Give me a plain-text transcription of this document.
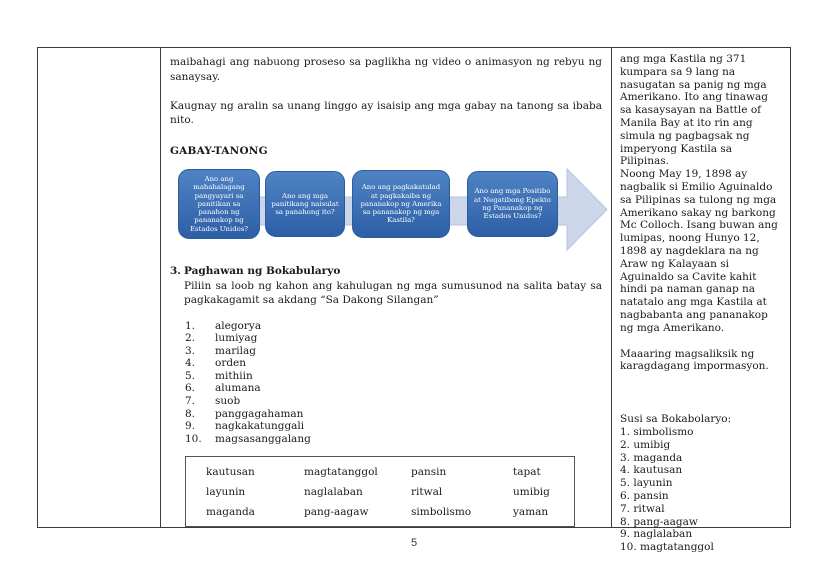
maibahagi ang nabuong proseso sa paglikha ng video o animasyon ng rebyu ng sanaysay.

Kaugnay ng aralin sa unang linggo ay isaisip ang mga gabay na tanong sa ibaba nito.

GABAY-TANONG

Ano ang mahahalagang pangyayari sa panitikan sa panahon ng pananakop ng Estados Unidos?
Ano ang mga panitikang naisulat sa panahong ito?
Ano ang pagkakatulad at pagkakaiba ng pananakop ng Amerika sa pananakop ng mga Kastila?
Ano ang mga Positibo at Negatibong Epekto ng Pananakop ng Estados Unidos?
3. Paghawan ng Bokabularyo

Piliin sa loob ng kahon ang kahulugan ng mga sumusunod na salita batay sa pagkakagamit sa akdang “Sa Dakong Silangan”

1.	alegorya
2.	lumiyag
3.	marilag
4.	orden
5.	mithiin
6.	alumana
7.	suob
8.	panggagahaman
9.	nagkakatunggali
10.	magsasanggalang
kautusan	magtatanggol	pansin	tapat
layunin	naglalaban	ritwal	umibig
maganda	pang-aagaw	simbolismo	yaman

ang mga Kastila ng 371 kumpara sa 9 lang na nasugatan sa panig ng mga Amerikano. Ito ang tinawag sa kasaysayan na Battle of Manila Bay at ito rin ang simula ng pagbagsak ng imperyong Kastila sa Pilipinas.

Noong May 19, 1898 ay nagbalik si Emilio Aguinaldo sa Pilipinas sa tulong ng mga Amerikano sakay ng barkong Mc Colloch. Isang buwan ang lumipas, noong Hunyo 12, 1898 ay nagdeklara na ng Araw ng Kalayaan si Aguinaldo sa Cavite kahit hindi pa naman ganap na natatalo ang mga Kastila at nagbabanta ang pananakop ng mga Amerikano.

Maaaring magsaliksik ng karagdagang impormasyon.

Susi sa Bokabolaryo:

1. simbolismo
2. umibig
3. maganda
4. kautusan
5. layunin
6. pansin
7. ritwal
8. pang-aagaw
9. naglalaban
10. magtatanggol
5
